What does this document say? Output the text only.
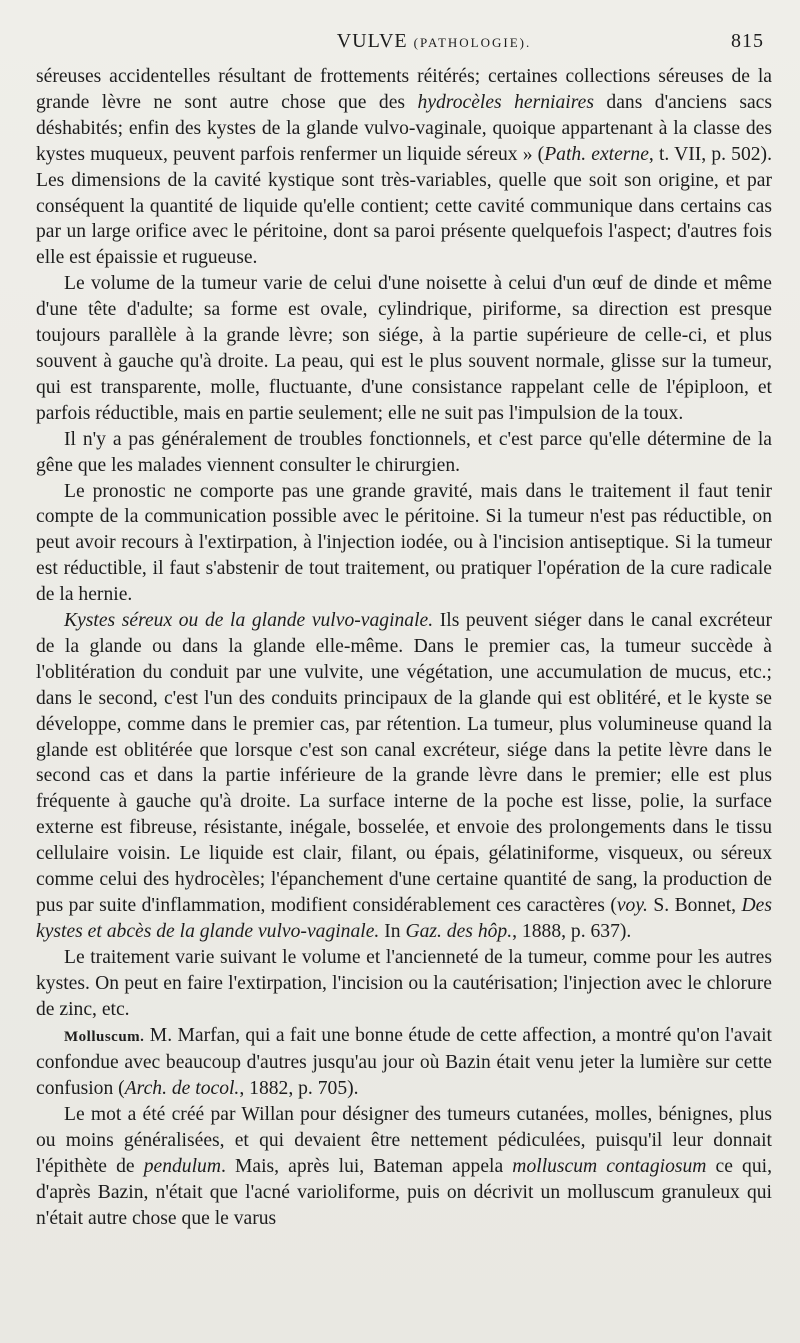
VULVE (PATHOLOGIE).	815

séreuses accidentelles résultant de frottements réitérés; certaines collections séreuses de la grande lèvre ne sont autre chose que des hydrocèles herniaires dans d'anciens sacs déshabités; enfin des kystes de la glande vulvo-vaginale, quoique appartenant à la classe des kystes muqueux, peuvent parfois renfermer un liquide séreux » (Path. externe, t. VII, p. 502). Les dimensions de la cavité kystique sont très-variables, quelle que soit son origine, et par conséquent la quantité de liquide qu'elle contient; cette cavité communique dans certains cas par un large orifice avec le péritoine, dont sa paroi présente quelquefois l'aspect; d'autres fois elle est épaissie et rugueuse.

Le volume de la tumeur varie de celui d'une noisette à celui d'un œuf de dinde et même d'une tête d'adulte; sa forme est ovale, cylindrique, piriforme, sa direction est presque toujours parallèle à la grande lèvre; son siége, à la partie supérieure de celle-ci, et plus souvent à gauche qu'à droite. La peau, qui est le plus souvent normale, glisse sur la tumeur, qui est transparente, molle, fluctuante, d'une consistance rappelant celle de l'épiploon, et parfois réductible, mais en partie seulement; elle ne suit pas l'impulsion de la toux.

Il n'y a pas généralement de troubles fonctionnels, et c'est parce qu'elle détermine de la gêne que les malades viennent consulter le chirurgien.

Le pronostic ne comporte pas une grande gravité, mais dans le traitement il faut tenir compte de la communication possible avec le péritoine. Si la tumeur n'est pas réductible, on peut avoir recours à l'extirpation, à l'injection iodée, ou à l'incision antiseptique. Si la tumeur est réductible, il faut s'abstenir de tout traitement, ou pratiquer l'opération de la cure radicale de la hernie.

Kystes séreux ou de la glande vulvo-vaginale. Ils peuvent siéger dans le canal excréteur de la glande ou dans la glande elle-même. Dans le premier cas, la tumeur succède à l'oblitération du conduit par une vulvite, une végétation, une accumulation de mucus, etc.; dans le second, c'est l'un des conduits principaux de la glande qui est oblitéré, et le kyste se développe, comme dans le premier cas, par rétention. La tumeur, plus volumineuse quand la glande est oblitérée que lorsque c'est son canal excréteur, siége dans la petite lèvre dans le second cas et dans la partie inférieure de la grande lèvre dans le premier; elle est plus fréquente à gauche qu'à droite. La surface interne de la poche est lisse, polie, la surface externe est fibreuse, résistante, inégale, bosselée, et envoie des prolongements dans le tissu cellulaire voisin. Le liquide est clair, filant, ou épais, gélatiniforme, visqueux, ou séreux comme celui des hydrocèles; l'épanchement d'une certaine quantité de sang, la production de pus par suite d'inflammation, modifient considérablement ces caractères (voy. S. Bonnet, Des kystes et abcès de la glande vulvo-vaginale. In Gaz. des hôp., 1888, p. 637).

Le traitement varie suivant le volume et l'ancienneté de la tumeur, comme pour les autres kystes. On peut en faire l'extirpation, l'incision ou la cautérisation; l'injection avec le chlorure de zinc, etc.

Molluscum. M. Marfan, qui a fait une bonne étude de cette affection, a montré qu'on l'avait confondue avec beaucoup d'autres jusqu'au jour où Bazin était venu jeter la lumière sur cette confusion (Arch. de tocol., 1882, p. 705).

Le mot a été créé par Willan pour désigner des tumeurs cutanées, molles, bénignes, plus ou moins généralisées, et qui devaient être nettement pédiculées, puisqu'il leur donnait l'épithète de pendulum. Mais, après lui, Bateman appela molluscum contagiosum ce qui, d'après Bazin, n'était que l'acné varioliforme, puis on décrivit un molluscum granuleux qui n'était autre chose que le varus
